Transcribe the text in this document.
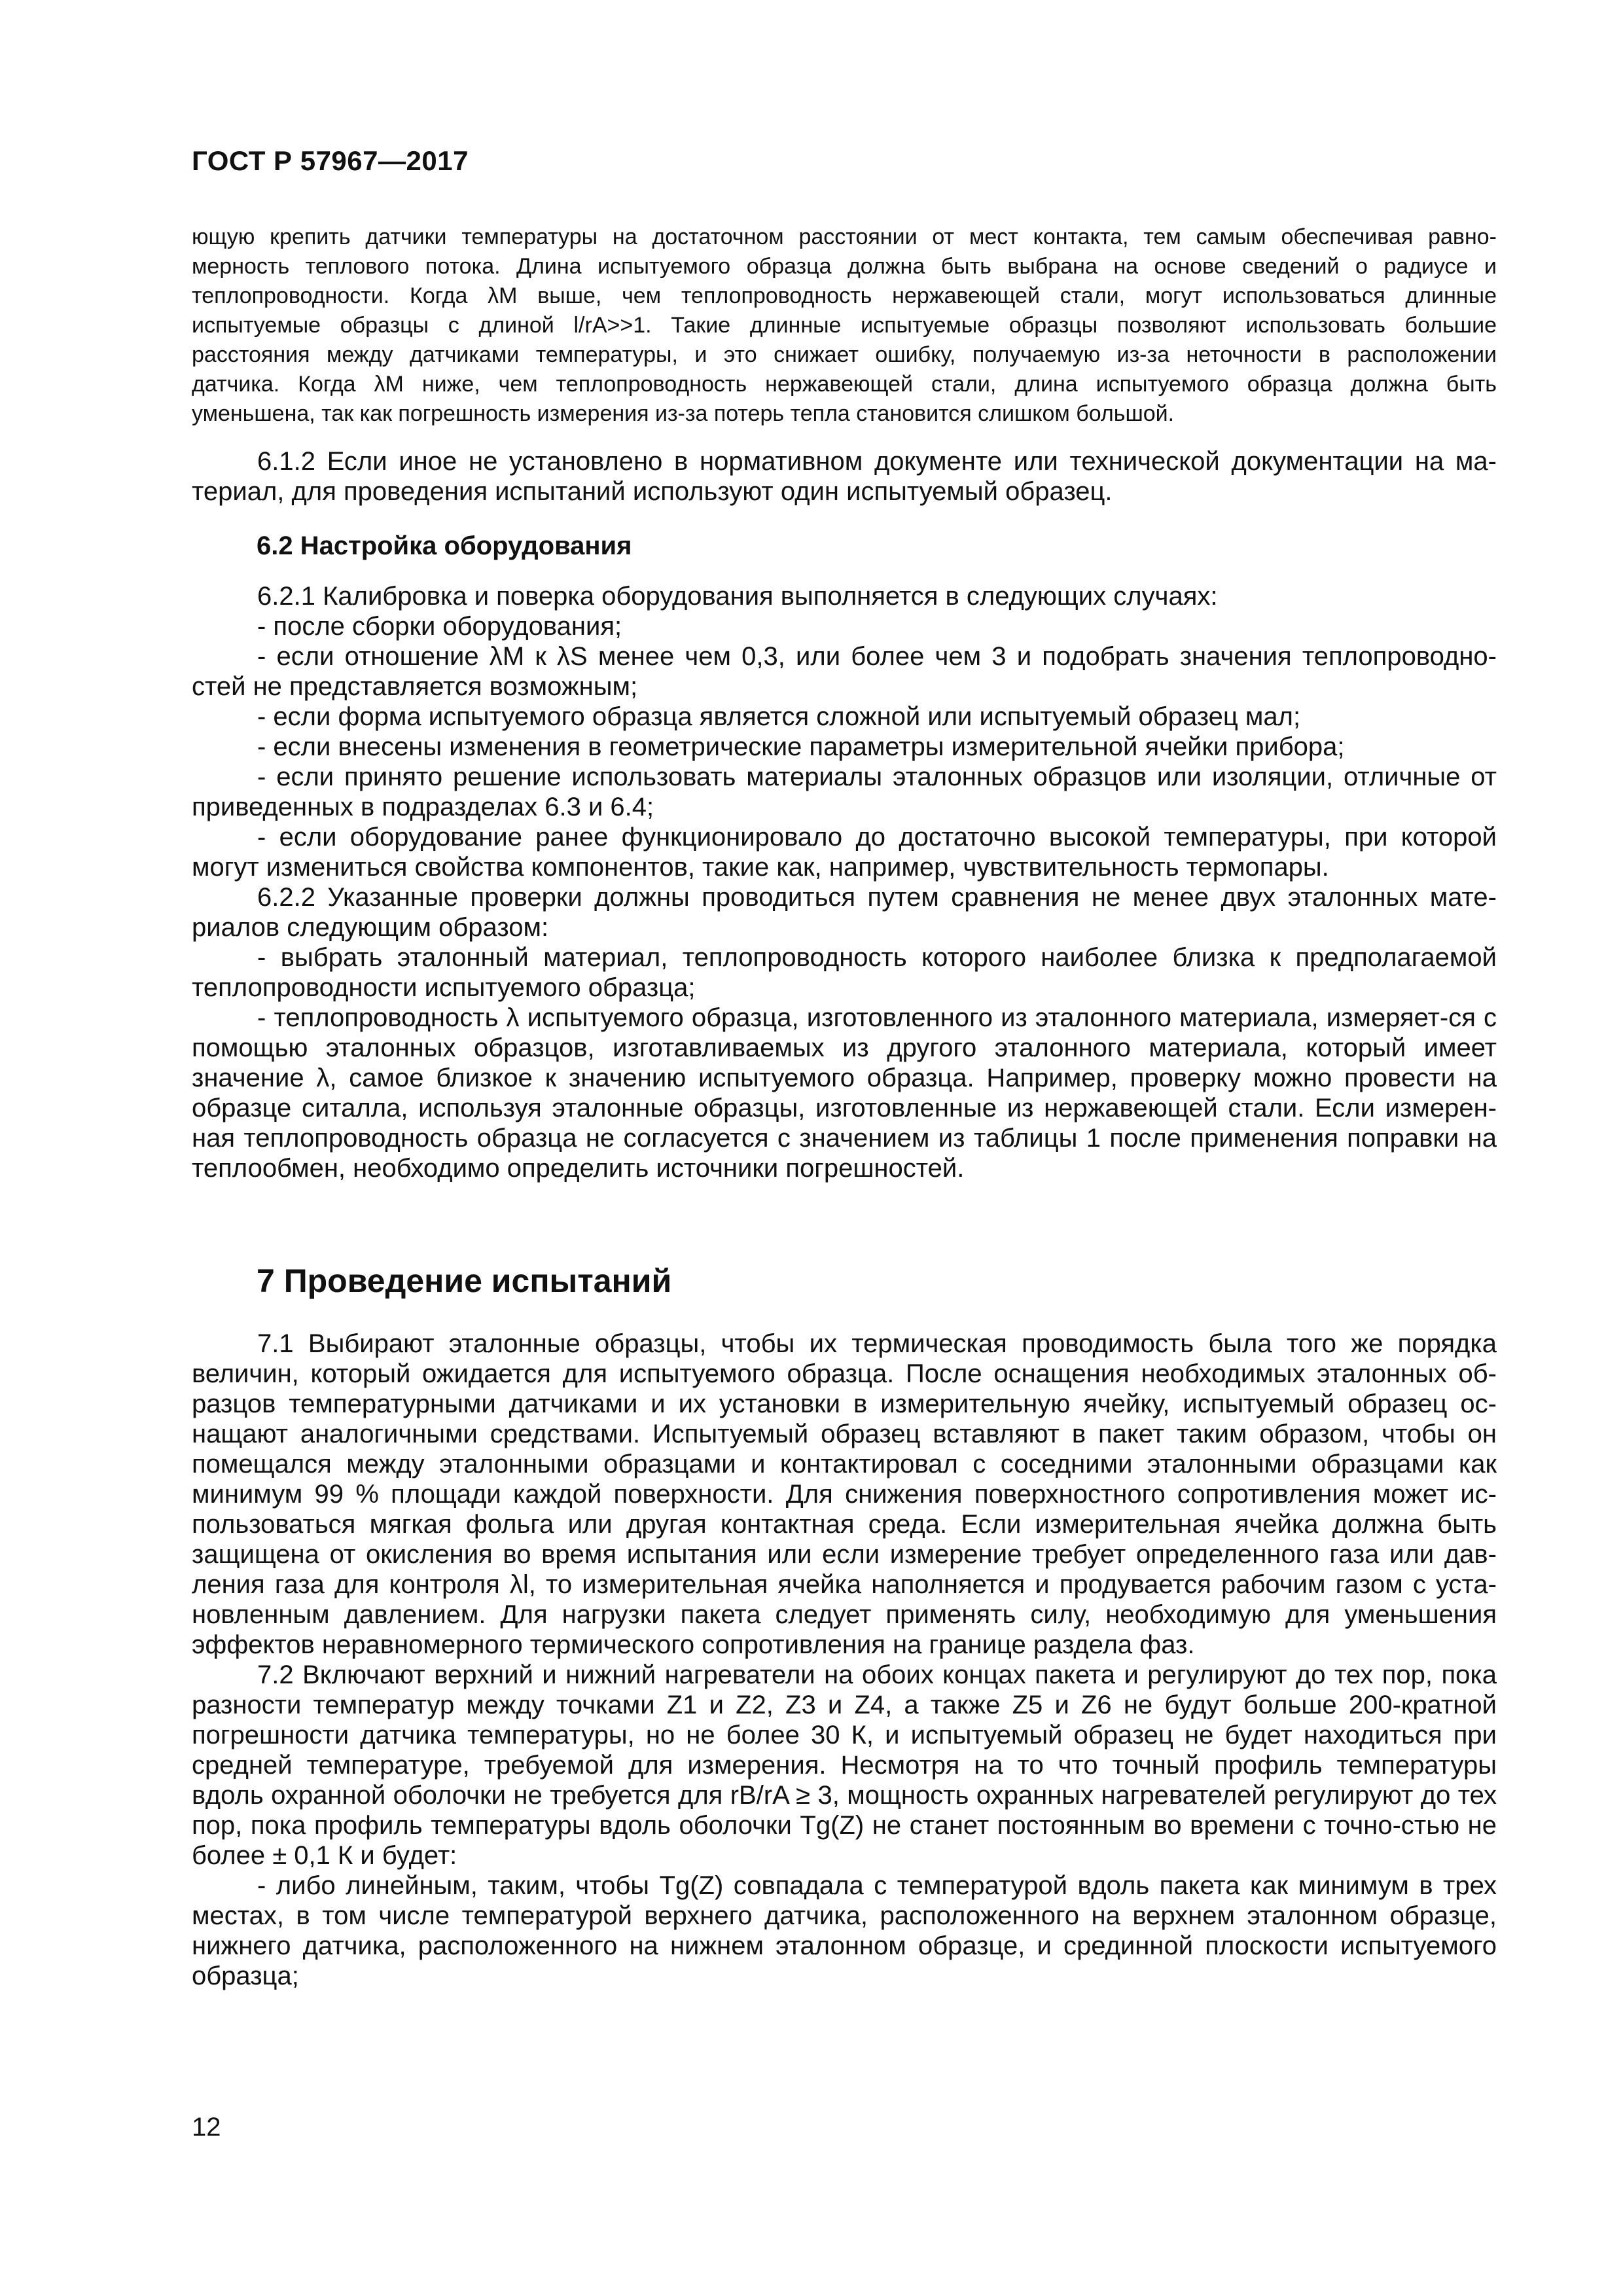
ГОСТ Р 57967—2017
ющую крепить датчики температуры на достаточном расстоянии от мест контакта, тем самым обеспечивая равно-
мерность теплового потока. Длина испытуемого образца должна быть выбрана на основе сведений о радиусе и
теплопроводности. Когда λM выше, чем теплопроводность нержавеющей стали, могут использоваться длинные
испытуемые образцы с длиной l/rA>>1. Такие длинные испытуемые образцы позволяют использовать большие
расстояния между датчиками температуры, и это снижает ошибку, получаемую из-за неточности в расположении
датчика. Когда λM ниже, чем теплопроводность нержавеющей стали, длина испытуемого образца должна быть
уменьшена, так как погрешность измерения из-за потерь тепла становится слишком большой.

6.1.2 Если иное не установлено в нормативном документе или технической документации на ма-териал, для проведения испытаний используют один испытуемый образец.

6.2 Настройка оборудования

6.2.1 Калибровка и поверка оборудования выполняется в следующих случаях:

- после сборки оборудования;

- если отношение λM к λS менее чем 0,3, или более чем 3 и подобрать значения теплопроводно-стей не представляется возможным;

- если форма испытуемого образца является сложной или испытуемый образец мал;

- если внесены изменения в геометрические параметры измерительной ячейки прибора;

- если принято решение использовать материалы эталонных образцов или изоляции, отличные от приведенных в подразделах 6.3 и 6.4;

- если оборудование ранее функционировало до достаточно высокой температуры, при которой могут измениться свойства компонентов, такие как, например, чувствительность термопары.

6.2.2 Указанные проверки должны проводиться путем сравнения не менее двух эталонных мате-риалов следующим образом:

- выбрать эталонный материал, теплопроводность которого наиболее близка к предполагаемой теплопроводности испытуемого образца;

- теплопроводность λ испытуемого образца, изготовленного из эталонного материала, измеряет-ся с помощью эталонных образцов, изготавливаемых из другого эталонного материала, который имеет значение λ, самое близкое к значению испытуемого образца. Например, проверку можно провести на образце ситалла, используя эталонные образцы, изготовленные из нержавеющей стали. Если измерен-ная теплопроводность образца не согласуется с значением из таблицы 1 после применения поправки на теплообмен, необходимо определить источники погрешностей.

7 Проведение испытаний

7.1 Выбирают эталонные образцы, чтобы их термическая проводимость была того же порядка величин, который ожидается для испытуемого образца. После оснащения необходимых эталонных об-разцов температурными датчиками и их установки в измерительную ячейку, испытуемый образец ос-нащают аналогичными средствами. Испытуемый образец вставляют в пакет таким образом, чтобы он помещался между эталонными образцами и контактировал с соседними эталонными образцами как минимум 99 % площади каждой поверхности. Для снижения поверхностного сопротивления может ис-пользоваться мягкая фольга или другая контактная среда. Если измерительная ячейка должна быть защищена от окисления во время испытания или если измерение требует определенного газа или дав-ления газа для контроля λl, то измерительная ячейка наполняется и продувается рабочим газом с уста-новленным давлением. Для нагрузки пакета следует применять силу, необходимую для уменьшения эффектов неравномерного термического сопротивления на границе раздела фаз.

7.2 Включают верхний и нижний нагреватели на обоих концах пакета и регулируют до тех пор, пока разности температур между точками Z1 и Z2, Z3 и Z4, а также Z5 и Z6 не будут больше 200-кратной погрешности датчика температуры, но не более 30 К, и испытуемый образец не будет находиться при средней температуре, требуемой для измерения. Несмотря на то что точный профиль температуры вдоль охранной оболочки не требуется для rB/rA ≥ 3, мощность охранных нагревателей регулируют до тех пор, пока профиль температуры вдоль оболочки Tg(Z) не станет постоянным во времени с точно-стью не более ± 0,1 К и будет:

- либо линейным, таким, чтобы Tg(Z) совпадала с температурой вдоль пакета как минимум в трех местах, в том числе температурой верхнего датчика, расположенного на верхнем эталонном образце, нижнего датчика, расположенного на нижнем эталонном образце, и срединной плоскости испытуемого образца;

12
